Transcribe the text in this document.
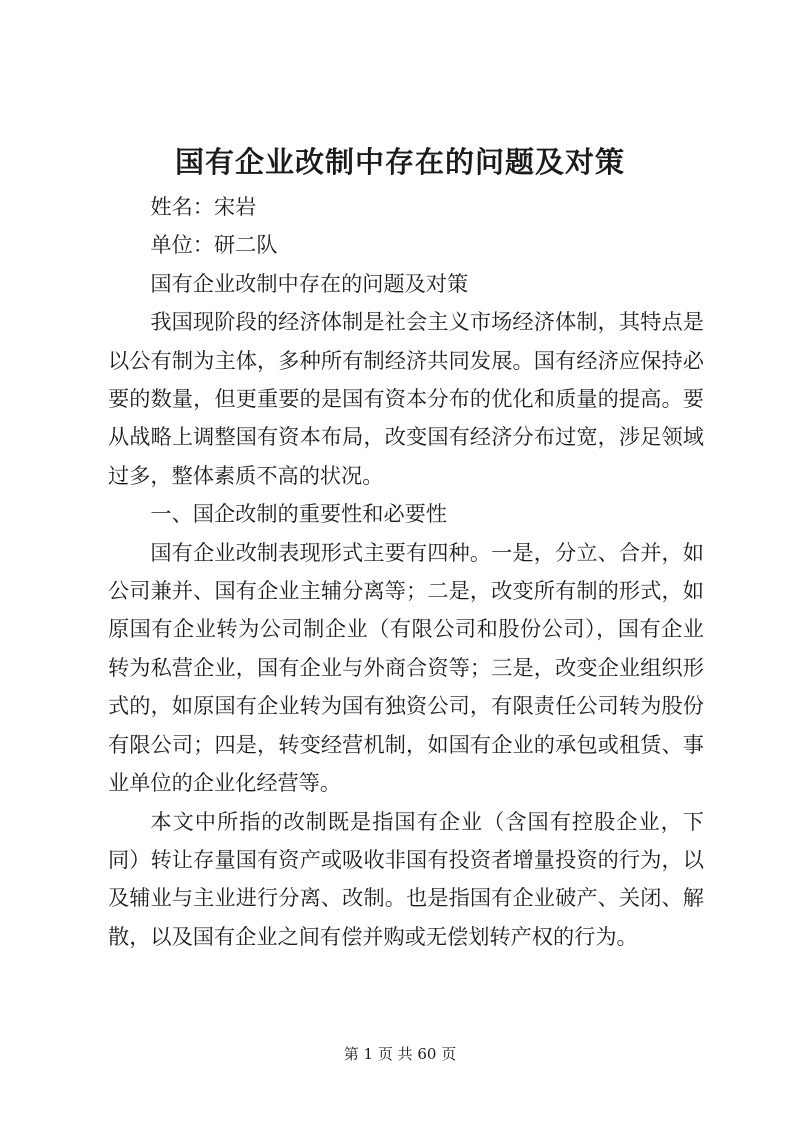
国有企业改制中存在的问题及对策

姓名：宋岩

单位：研二队

国有企业改制中存在的问题及对策

我国现阶段的经济体制是社会主义市场经济体制，其特点是以公有制为主体，多种所有制经济共同发展。国有经济应保持必要的数量，但更重要的是国有资本分布的优化和质量的提高。要从战略上调整国有资本布局，改变国有经济分布过宽，涉足领域过多，整体素质不高的状况。

一、国企改制的重要性和必要性

国有企业改制表现形式主要有四种。一是，分立、合并，如公司兼并、国有企业主辅分离等；二是，改变所有制的形式，如原国有企业转为公司制企业（有限公司和股份公司），国有企业转为私营企业，国有企业与外商合资等；三是，改变企业组织形式的，如原国有企业转为国有独资公司，有限责任公司转为股份有限公司；四是，转变经营机制，如国有企业的承包或租赁、事业单位的企业化经营等。

本文中所指的改制既是指国有企业（含国有控股企业，下同）转让存量国有资产或吸收非国有投资者增量投资的行为，以及辅业与主业进行分离、改制。也是指国有企业破产、关闭、解散，以及国有企业之间有偿并购或无偿划转产权的行为。

第 1 页 共 60 页
